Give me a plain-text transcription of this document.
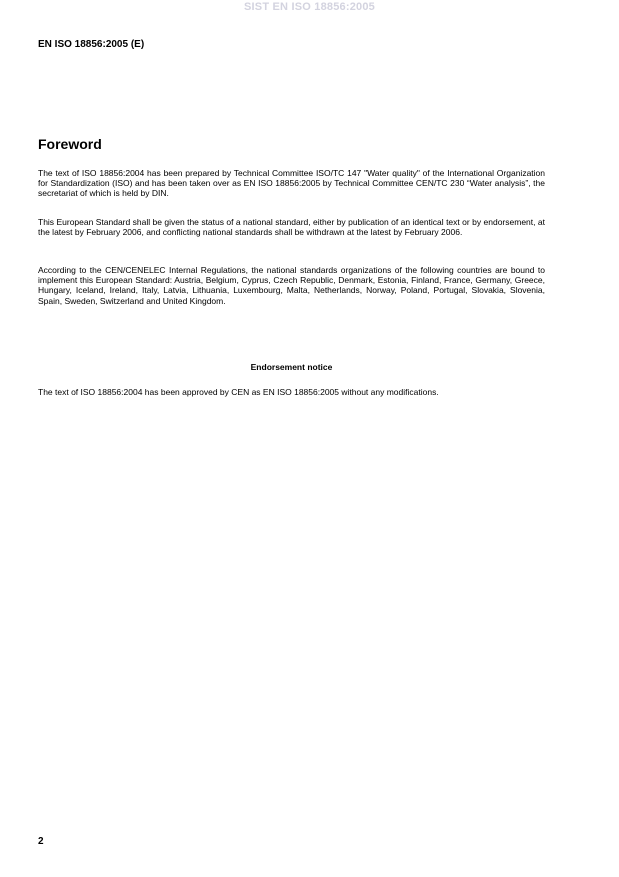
SIST EN ISO 18856:2005
EN ISO 18856:2005 (E)
Foreword

The text of ISO 18856:2004 has been prepared by Technical Committee ISO/TC 147 "Water quality" of the International Organization for Standardization (ISO) and has been taken over as EN ISO 18856:2005 by Technical Committee CEN/TC 230 “Water analysis”, the secretariat of which is held by DIN.

This European Standard shall be given the status of a national standard, either by publication of an identical text or by endorsement, at the latest by February 2006, and conflicting national standards shall be withdrawn at the latest by February 2006.

According to the CEN/CENELEC Internal Regulations, the national standards organizations of the following countries are bound to implement this European Standard: Austria, Belgium, Cyprus, Czech Republic, Denmark, Estonia, Finland, France, Germany, Greece, Hungary, Iceland, Ireland, Italy, Latvia, Lithuania, Luxembourg, Malta, Netherlands, Norway, Poland, Portugal, Slovakia, Slovenia, Spain, Sweden, Switzerland and United Kingdom.

Endorsement notice

The text of ISO 18856:2004 has been approved by CEN as EN ISO 18856:2005 without any modifications.

2
